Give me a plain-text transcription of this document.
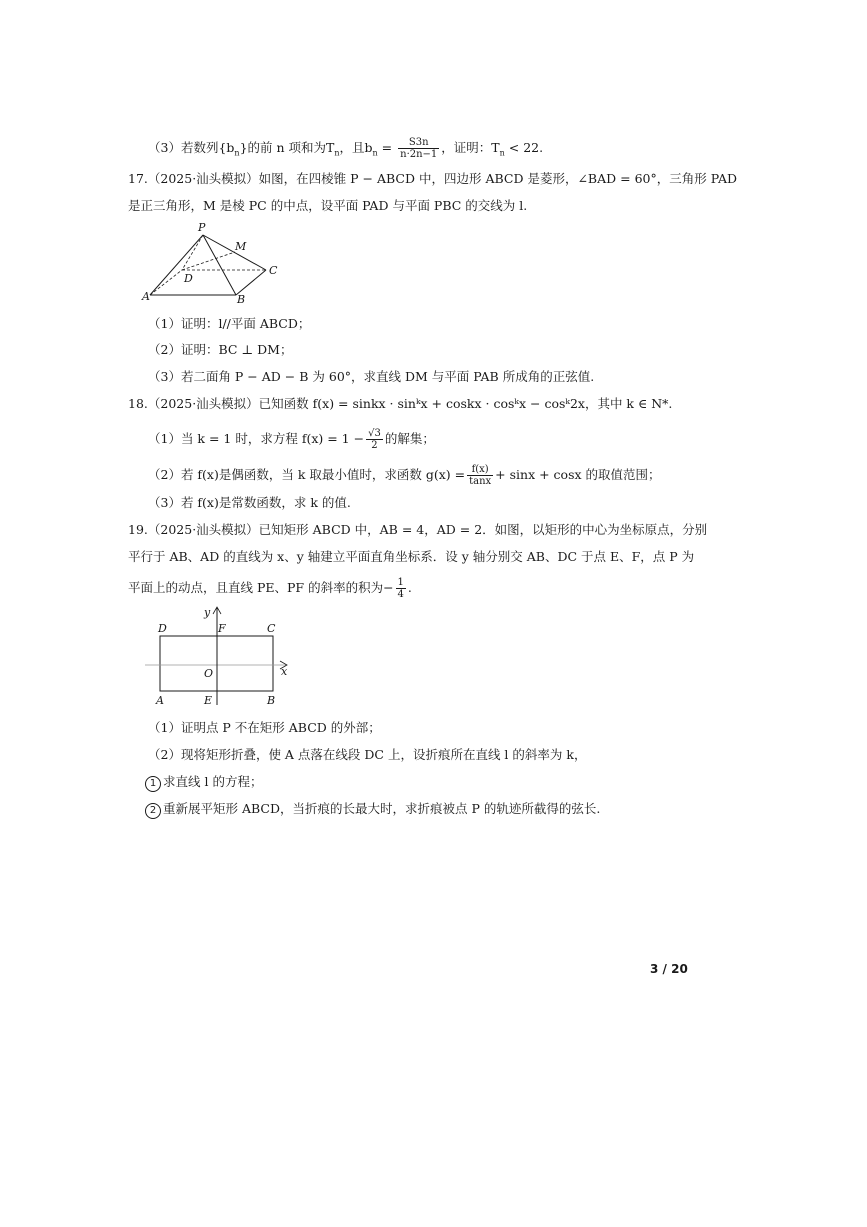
（3）若数列$\{b_n\}$的前 n 项和为$T_n$，且$b_n = \frac{S3n}{n\cdot 2n-1}$ ，证明：$T_n < 22$.
17.（2025·汕头模拟）如图，在四棱锥 P − ABCD 中，四边形 ABCD 是菱形，∠BAD = 60°，三角形 PAD
是正三角形，M 是棱 PC 的中点，设平面 PAD 与平面 PBC 的交线为 l.
P
M
C
D
A	B
（1）证明：l//平面 ABCD；
（2）证明：BC ⊥ DM；
（3）若二面角 P − AD − B 为 60°，求直线 DM 与平面 PAB 所成角的正弦值.
18.（2025·汕头模拟）已知函数 f(x) = sinkx · sinᵏx + coskx · cosᵏx − cosᵏ2x，其中 k ∈ N*.
（1）当 k = 1 时，求方程 $f(x) = 1 - \frac{√3}{2}$ 的解集；
（2）若 f(x)是偶函数，当 k 取最小值时，求函数 $g(x) = \frac{f(x)}{\tan x} + \sin x + \cos x$ 的取值范围；
（3）若 f(x)是常数函数，求 k 的值.
19.（2025·汕头模拟）已知矩形 ABCD 中，AB = 4，AD = 2．如图，以矩形的中心为坐标原点，分别
平行于 AB、AD 的直线为 x、y 轴建立平面直角坐标系．设 y 轴分别交 AB、DC 于点 E、F，点 P 为
平面上的动点，且直线 PE、PF 的斜率的积为− $\frac{1}{4}$ .
y
D	F	C
O	x
A	E	B
（1）证明点 P 不在矩形 ABCD 的外部；
（2）现将矩形折叠，使 A 点落在线段 DC 上，设折痕所在直线 l 的斜率为 k，
1 求直线 l 的方程；
2 重新展平矩形 ABCD，当折痕的长最大时，求折痕被点 P 的轨迹所截得的弦长.
3 / 20
